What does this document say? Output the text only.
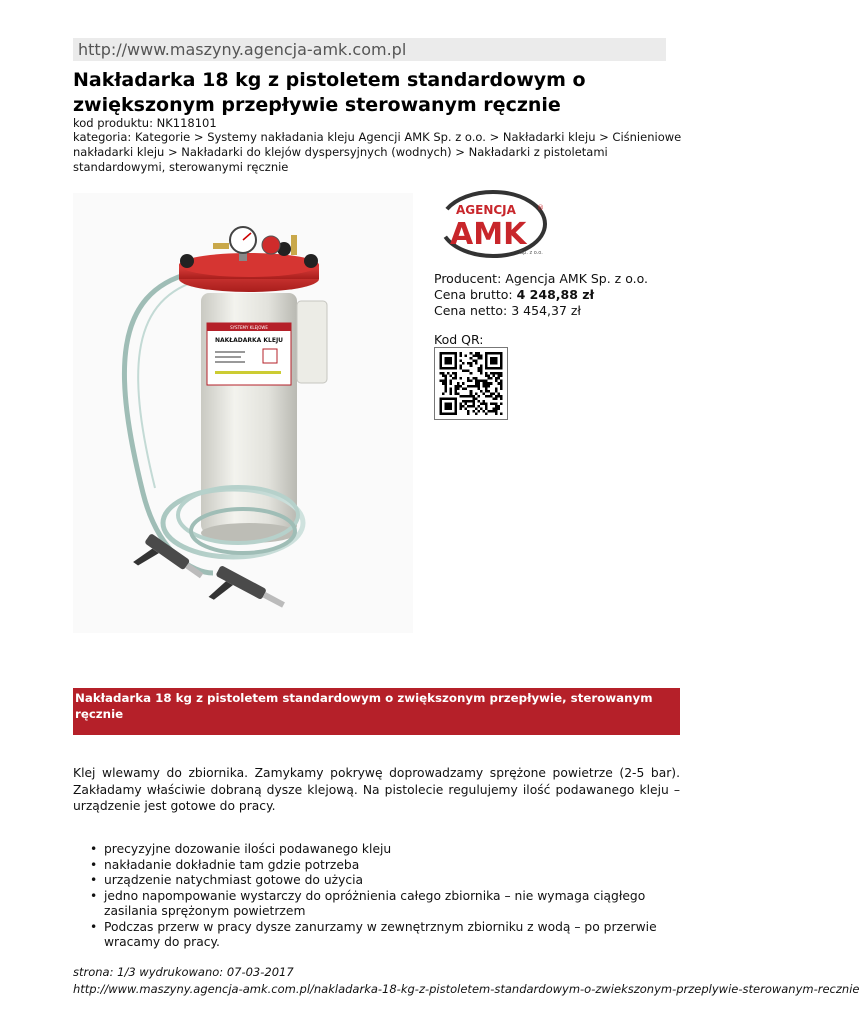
http://www.maszyny.agencja-amk.com.pl
Nakładarka 18 kg z pistoletem standardowym o zwiększonym przepływie sterowanym ręcznie
kod produktu: NK118101
kategoria: Kategorie > Systemy nakładania kleju Agencji AMK Sp. z o.o. > Nakładarki kleju > Ciśnieniowe nakładarki kleju > Nakładarki do klejów dyspersyjnych (wodnych) > Nakładarki z pistoletami standardowymi, sterowanymi ręcznie
SYSTEMY KLEJOWE
NAKŁADARKA KLEJU
AGENCJA
AMK
Sp. z o.o.
®
Producent: Agencja AMK Sp. z o.o.
Cena brutto: 4 248,88 zł
Cena netto: 3 454,37 zł
Kod QR:
Nakładarka 18 kg z pistoletem standardowym o zwiększonym przepływie, sterowanym ręcznie

Klej wlewamy do zbiornika. Zamykamy pokrywę doprowadzamy sprężone powietrze (2-5 bar). Zakładamy właściwie dobraną dysze klejową. Na pistolecie regulujemy ilość podawanego kleju – urządzenie jest gotowe do pracy.

• precyzyjne dozowanie ilości podawanego kleju
• nakładanie dokładnie tam gdzie potrzeba
• urządzenie natychmiast gotowe do użycia
• jedno napompowanie wystarczy do opróżnienia całego zbiornika – nie wymaga ciągłego zasilania sprężonym powietrzem
• Podczas przerw w pracy dysze zanurzamy w zewnętrznym zbiorniku z wodą – po przerwie wracamy do pracy.
strona: 1/3 wydrukowano: 07-03-2017
http://www.maszyny.agencja-amk.com.pl/nakladarka-18-kg-z-pistoletem-standardowym-o-zwiekszonym-przeplywie-sterowanym-recznie
